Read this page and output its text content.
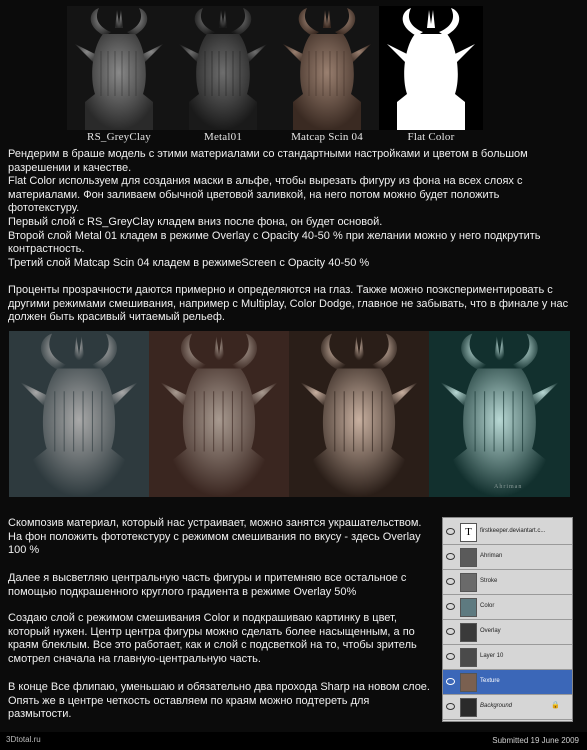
RS_GreyClay	Metal01	Matcap Scin 04	Flat Color
Рендерим в браше модель с этими материалами со стандартными настройками и цветом в большом
разрешении и качестве.
Flat Color используем для создания маски в альфе, чтобы вырезать фигуру из фона на всех слоях с
материалами. Фон заливаем обычной цветовой заливкой, на него потом можно будет положить фототекстуру.
Первый слой с RS_GreyClay кладем вниз после фона, он будет основой.
Второй слой Metal 01 кладем в режиме Overlay с Opacity 40-50 % при желании можно у него подкрутить
контрастность.
Третий слой Matcap Scin 04 кладем в режимеScreen с Opacity 40-50 %
Проценты прозрачности даются примерно и определяются на глаз. Также можно поэкспериментировать с
другими режимами смешивания, например с Multiplay, Color Dodge, главное не забывать, что в финале у нас
должен быть красивый читаемый рельеф.
Ahriman
Скомпозив материал, который нас устраивает, можно занятся украшательством.
На фон положить фототекстуру с режимом смешивания по вкусу - здесь Overlay
100 %
Далее я высветляю центральную часть фигуры и притемняю все остальное с
помощью подкрашенного круглого градиента в режиме Overlay 50%
Создаю слой с режимом смешивания Color и подкрашиваю картинку в цвет,
который нужен. Центр центра фигуры можно сделать более насыщенным, а по
краям блеклым. Все это работает, как и слой с подсветкой на то, чтобы зритель
смотрел сначала на главную-центральную часть.
В конце Все флипаю, уменьшаю и обязательно два прохода Sharp на новом слое.
Опять же в центре четкость оставляем по краям можно подтереть для
размытости.
T	firstkeeper.deviantart.c...
Ahriman
Stroke
Color
Overlay
Layer 10
Texture
Background	🔒
3Dtotal.ru	Submitted 19 June 2009
